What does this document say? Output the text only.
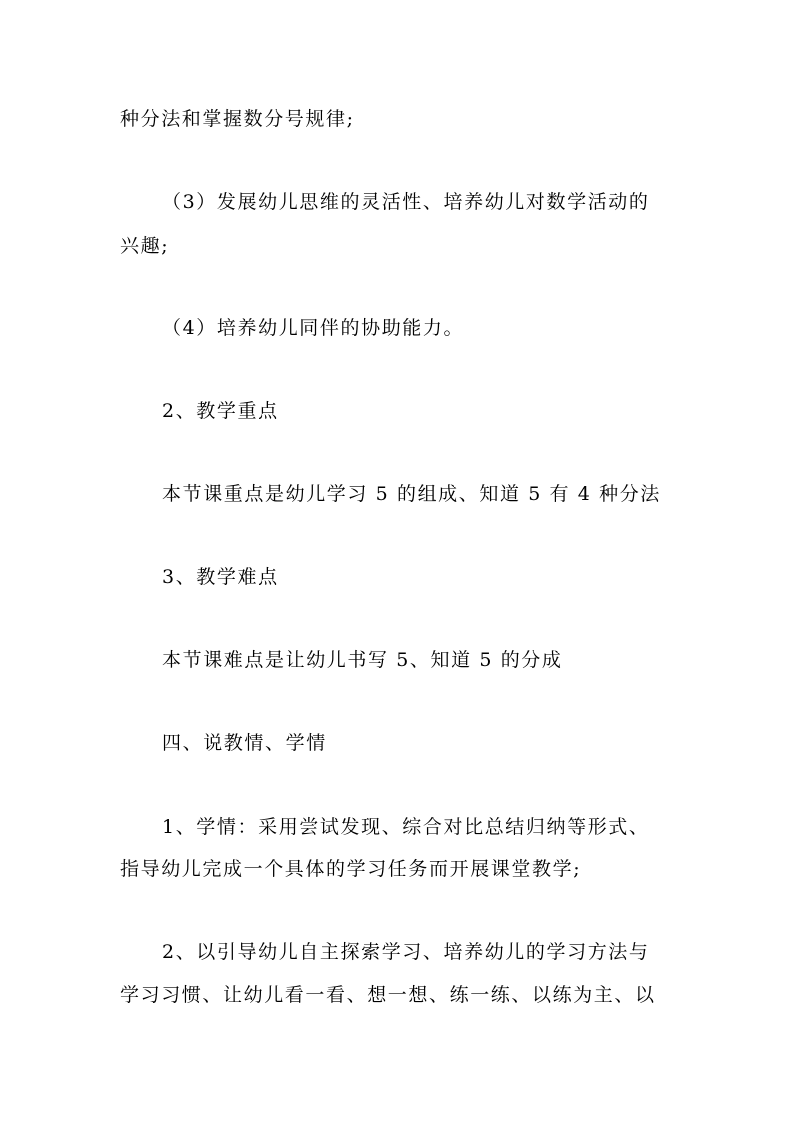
种分法和掌握数分号规律;
（3）发展幼儿思维的灵活性、培养幼儿对数学活动的
兴趣;
（4）培养幼儿同伴的协助能力。
2、教学重点
本节课重点是幼儿学习 5 的组成、知道 5 有 4 种分法
3、教学难点
本节课难点是让幼儿书写 5、知道 5 的分成
四、说教情、学情
1、学情：采用尝试发现、综合对比总结归纳等形式、
指导幼儿完成一个具体的学习任务而开展课堂教学;
2、以引导幼儿自主探索学习、培养幼儿的学习方法与
学习习惯、让幼儿看一看、想一想、练一练、以练为主、以
